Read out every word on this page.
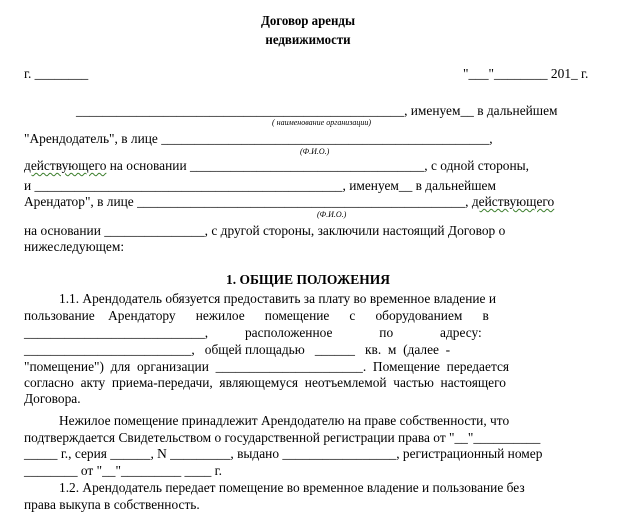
Договор аренды
недвижимости
г. ________	"___"________ 201_ г.
_________________________________________________, именуем__ в дальнейшем
( наименование организации)
"Арендодатель", в лице _________________________________________________,
(Ф.И.О.)
действующего на основании ___________________________________, с одной стороны,
и ______________________________________________, именуем__ в дальнейшем
Арендатор", в лице _________________________________________________, действующего
(Ф.И.О.)
на основании _______________, с другой стороны, заключили настоящий Договор о
нижеследующем:
1. ОБЩИЕ ПОЛОЖЕНИЯ
1.1. Арендодатель обязуется предоставить за плату во временное владение и
пользование    Арендатору      нежилое      помещение      с      оборудованием      в
___________________________,           расположенное              по              адресу:
_________________________,   общей площадью   ______   кв.  м  (далее  -
"помещение")  для  организации  ______________________.  Помещение  передается
согласно  акту  приема-передачи,  являющемуся  неотъемлемой  частью  настоящего
Договора.
Нежилое помещение принадлежит Арендодателю на праве собственности, что
подтверждается Свидетельством о государственной регистрации права от "__"__________
_____ г., серия ______, N _________, выдано _________________, регистрационный номер
________ от "__"_________ ____ г.
1.2. Арендодатель передает помещение во временное владение и пользование без
права выкупа в собственность.
